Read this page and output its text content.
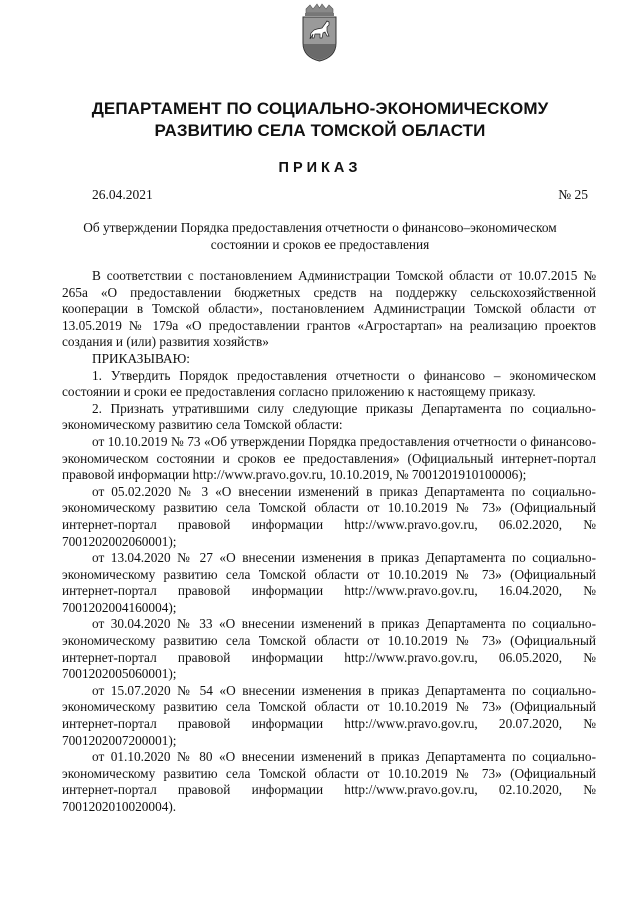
ДЕПАРТАМЕНТ ПО СОЦИАЛЬНО-ЭКОНОМИЧЕСКОМУ
РАЗВИТИЮ СЕЛА ТОМСКОЙ ОБЛАСТИ
ПРИКАЗ
26.04.2021	№ 25
Об утверждении Порядка предоставления отчетности о финансово–экономическом
состоянии и сроков ее предоставления

В соответствии с постановлением Администрации Томской области от 10.07.2015 № 265а «О предоставлении бюджетных средств на поддержку сельскохозяйственной кооперации в Томской области», постановлением Администрации Томской области от 13.05.2019 № 179а «О предоставлении грантов «Агростартап» на реализацию проектов создания и (или) развития хозяйств»

ПРИКАЗЫВАЮ:

1. Утвердить Порядок предоставления отчетности о финансово – экономическом состоянии и сроки ее предоставления согласно приложению к настоящему приказу.

2. Признать утратившими силу следующие приказы Департамента по социально-экономическому развитию села Томской области:

от 10.10.2019 № 73 «Об утверждении Порядка предоставления отчетности о финансово-экономическом состоянии и сроков ее предоставления» (Официальный интернет-портал правовой информации http://www.pravo.gov.ru, 10.10.2019, № 7001201910100006);

от 05.02.2020 № 3 «О внесении изменений в приказ Департамента по социально-экономическому развитию села Томской области от 10.10.2019 № 73» (Официальный интернет-портал правовой информации http://www.pravo.gov.ru, 06.02.2020, № 7001202002060001);

от 13.04.2020 № 27 «О внесении изменения в приказ Департамента по социально-экономическому развитию села Томской области от 10.10.2019 № 73» (Официальный интернет-портал правовой информации http://www.pravo.gov.ru, 16.04.2020, № 7001202004160004);

от 30.04.2020 № 33 «О внесении изменений в приказ Департамента по социально-экономическому развитию села Томской области от 10.10.2019 № 73» (Официальный интернет-портал правовой информации http://www.pravo.gov.ru, 06.05.2020, № 7001202005060001);

от 15.07.2020 № 54 «О внесении изменения в приказ Департамента по социально-экономическому развитию села Томской области от 10.10.2019 № 73» (Официальный интернет-портал правовой информации http://www.pravo.gov.ru, 20.07.2020, № 7001202007200001);

от 01.10.2020 № 80 «О внесении изменений в приказ Департамента по социально-экономическому развитию села Томской области от 10.10.2019 № 73» (Официальный интернет-портал правовой информации http://www.pravo.gov.ru, 02.10.2020, № 7001202010020004).
